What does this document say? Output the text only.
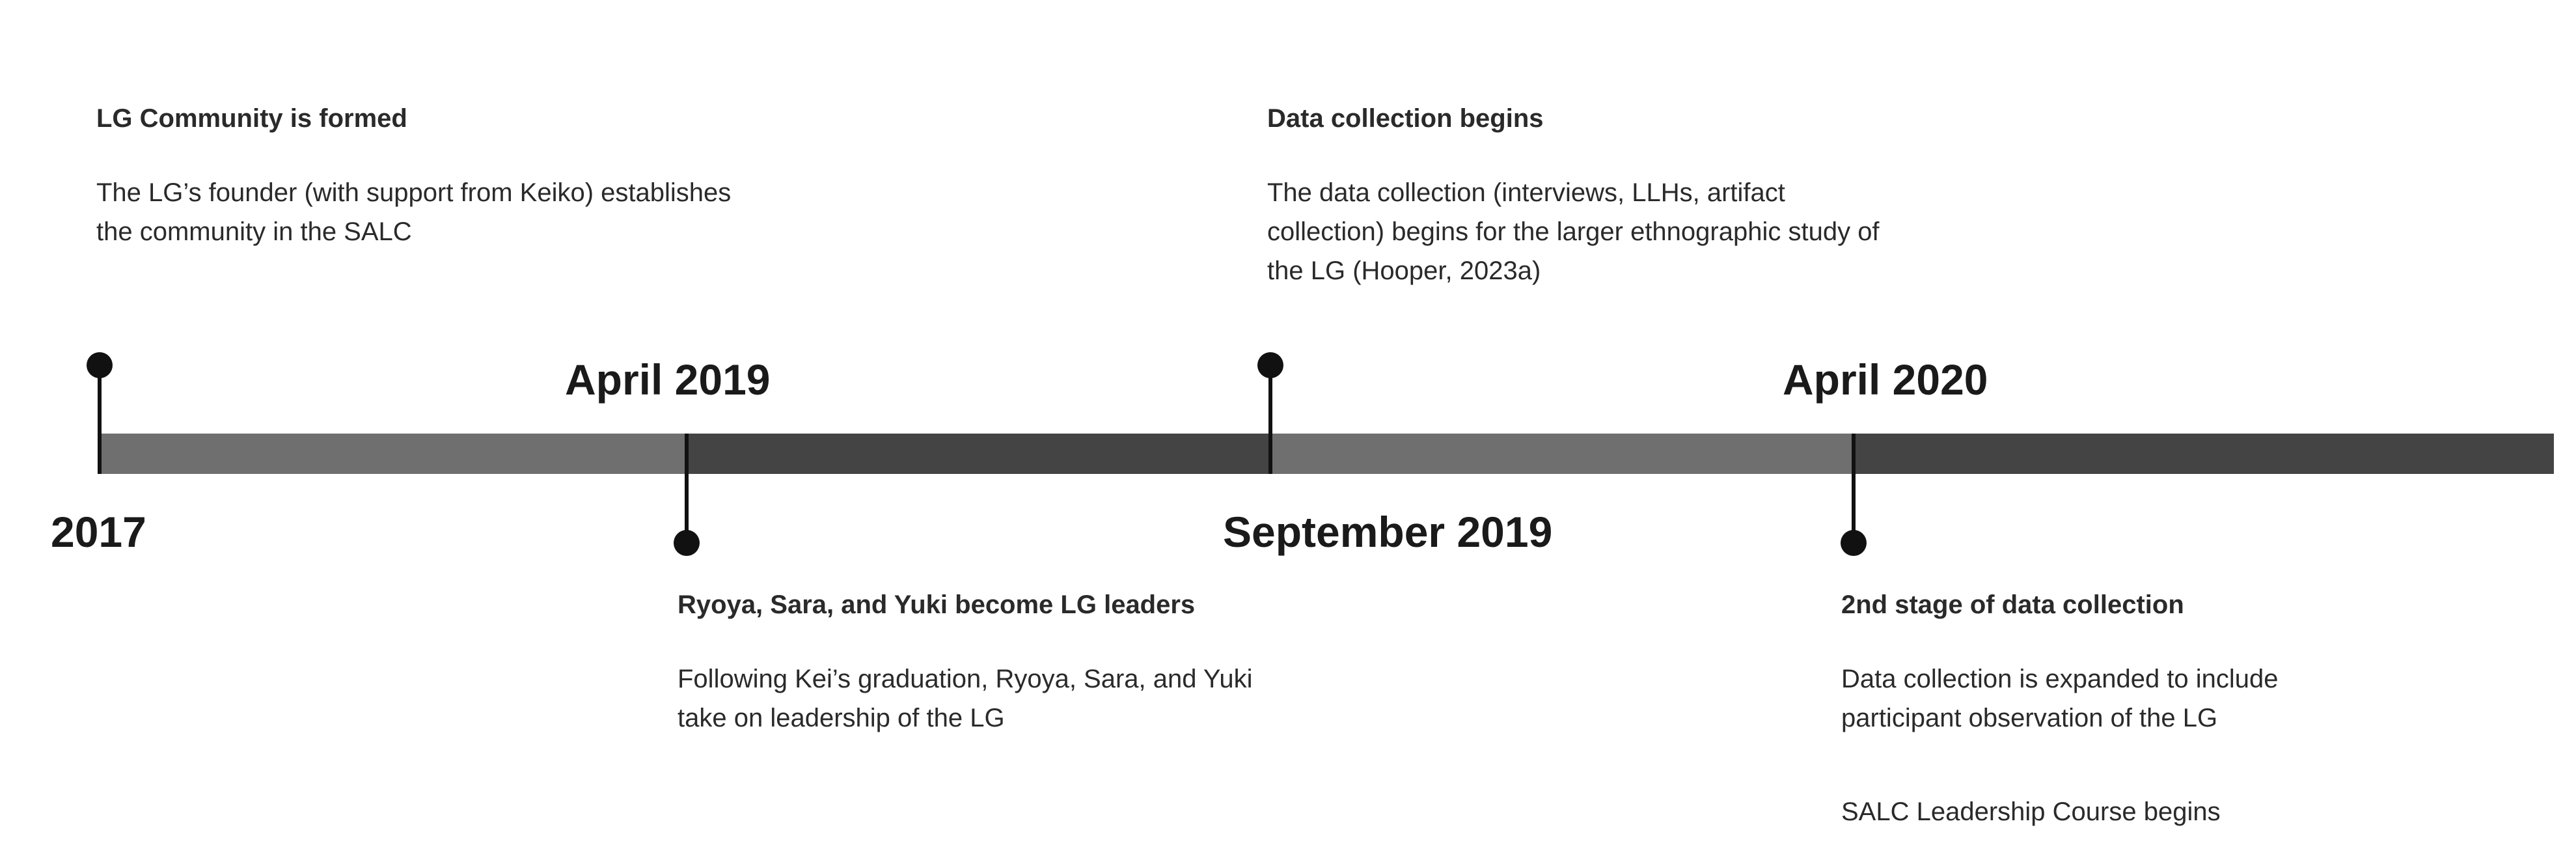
2017
April 2019
September 2019
April 2020

LG Community is formed

The LG’s founder (with support from Keiko) establishes the community in the SALC

Data collection begins

The data collection (interviews, LLHs, artifact collection) begins for the larger ethnographic study of the LG (Hooper, 2023a)

Ryoya, Sara, and Yuki become LG leaders

Following Kei’s graduation, Ryoya, Sara, and Yuki take on leadership of the LG

2nd stage of data collection

Data collection is expanded to include participant observation of the LG

SALC Leadership Course begins
